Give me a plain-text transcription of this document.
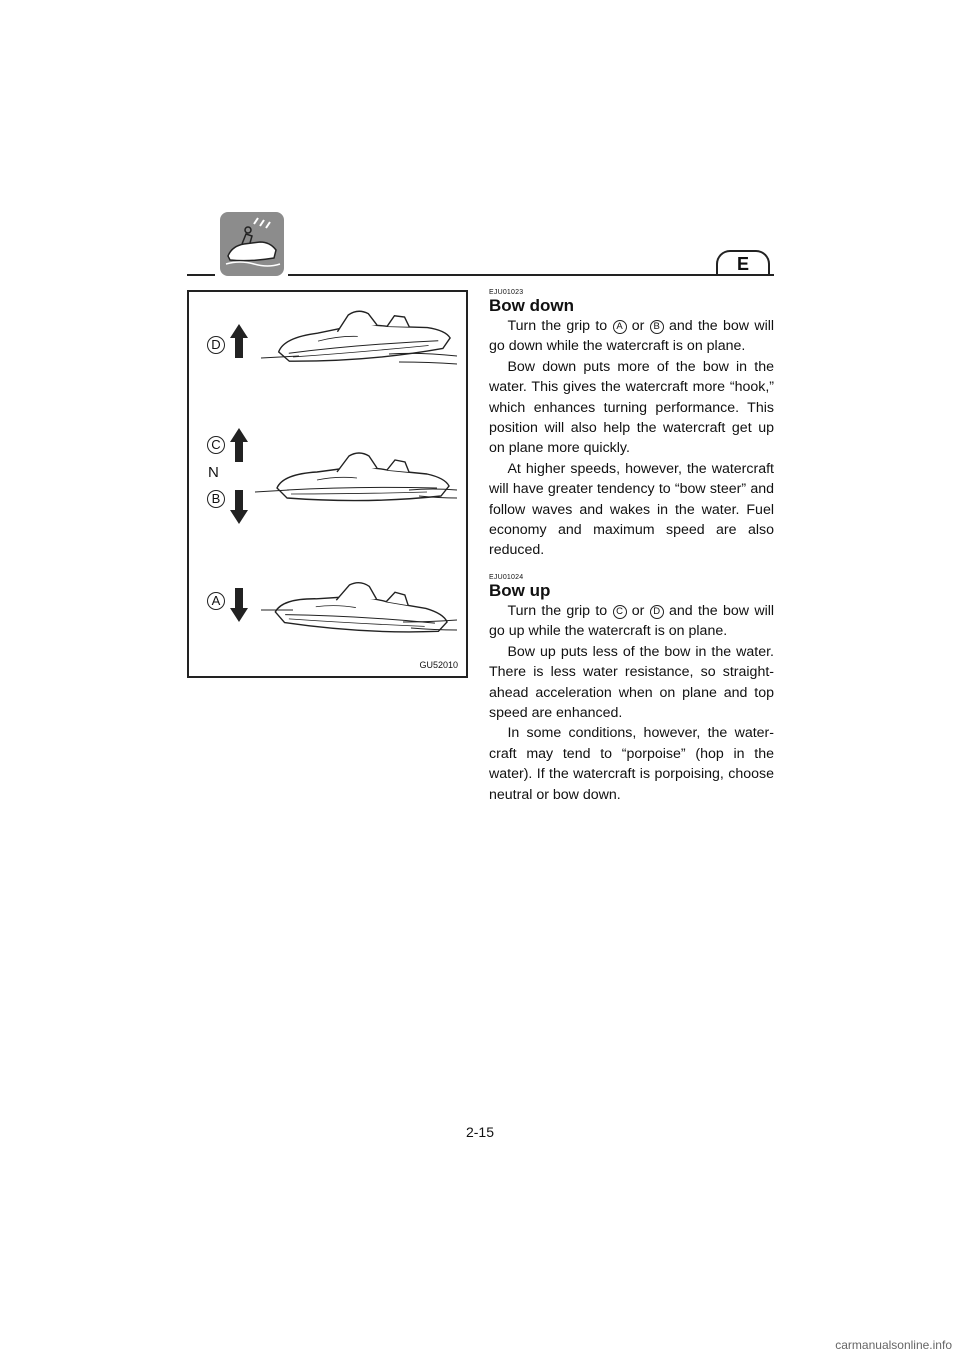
E
D
C
N
B
A
GU52010
EJU01023
Bow down

Turn the grip to A or B and the bow will go down while the watercraft is on plane.

Bow down puts more of the bow in the water. This gives the watercraft more “hook,” which enhances turning performance. This position will also help the watercraft get up on plane more quickly.

At higher speeds, however, the watercraft will have greater tendency to “bow steer” and follow waves and wakes in the water. Fuel economy and maximum speed are also reduced.

EJU01024
Bow up

Turn the grip to C or D and the bow will go up while the watercraft is on plane.

Bow up puts less of the bow in the water. There is less water resistance, so straight-ahead acceleration when on plane and top speed are enhanced.

In some conditions, however, the water-craft may tend to “porpoise” (hop in the water). If the watercraft is porpoising, choose neutral or bow down.

2-15
carmanualsonline.info
